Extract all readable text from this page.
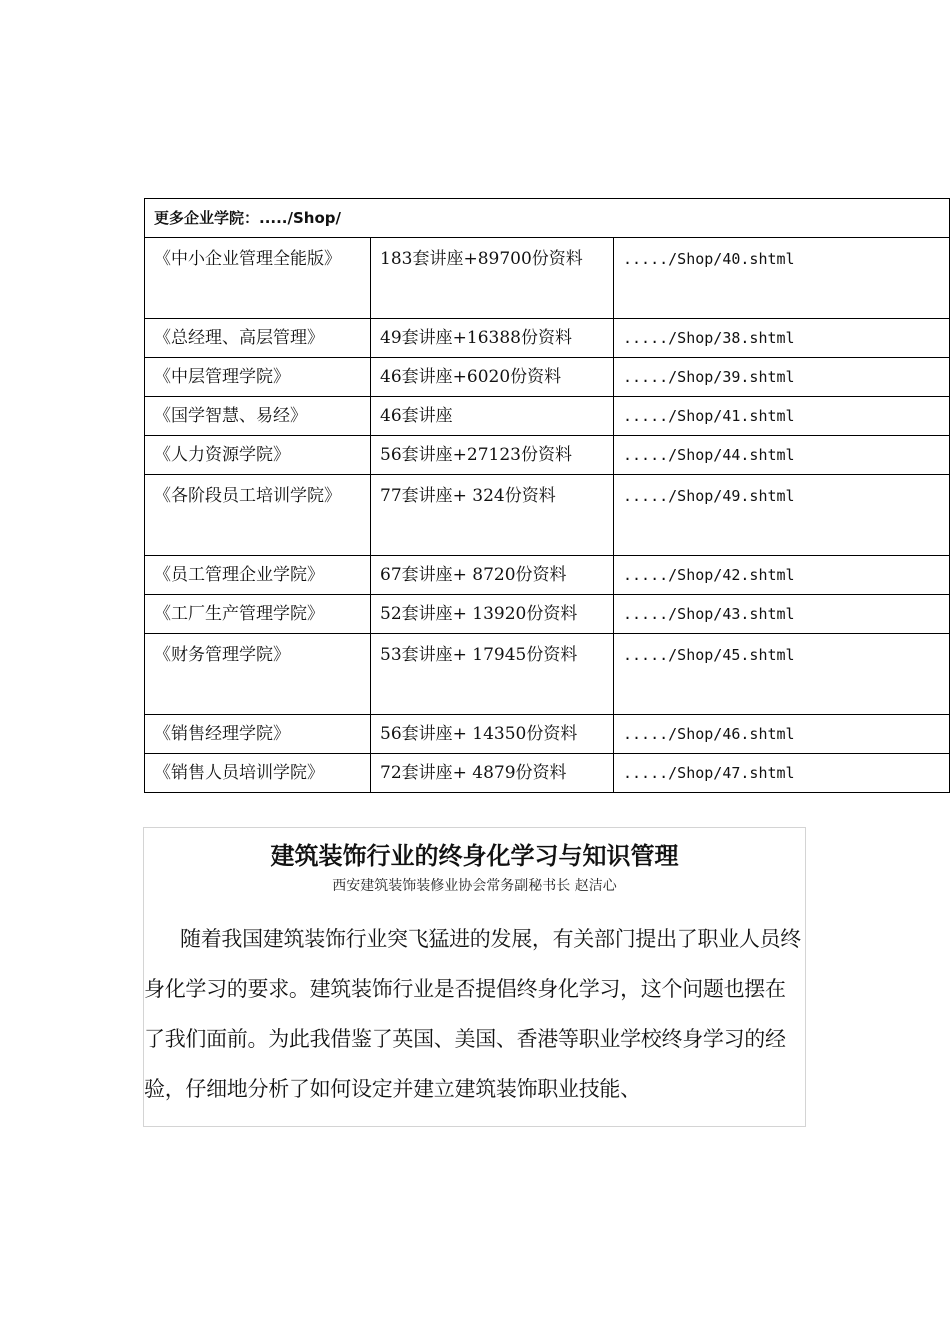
更多企业学院：...../Shop/		
《中小企业管理全能版》	183套讲座+89700份资料	...../Shop/40.shtml
《总经理、高层管理》	49套讲座+16388份资料	...../Shop/38.shtml
《中层管理学院》	46套讲座+6020份资料	...../Shop/39.shtml
《国学智慧、易经》	46套讲座	...../Shop/41.shtml
《人力资源学院》	56套讲座+27123份资料	...../Shop/44.shtml
《各阶段员工培训学院》	77套讲座+ 324份资料	...../Shop/49.shtml
《员工管理企业学院》	67套讲座+ 8720份资料	...../Shop/42.shtml
《工厂生产管理学院》	52套讲座+ 13920份资料	...../Shop/43.shtml
《财务管理学院》	53套讲座+ 17945份资料	...../Shop/45.shtml
《销售经理学院》	56套讲座+ 14350份资料	...../Shop/46.shtml
《销售人员培训学院》	72套讲座+ 4879份资料	...../Shop/47.shtml
建筑装饰行业的终身化学习与知识管理
西安建筑装饰装修业协会常务副秘书长 赵洁心

随着我国建筑装饰行业突飞猛进的发展，有关部门提出了职业人员终身化学习的要求。建筑装饰行业是否提倡终身化学习，这个问题也摆在了我们面前。为此我借鉴了英国、美国、香港等职业学校终身学习的经验，仔细地分析了如何设定并建立建筑装饰职业技能、
